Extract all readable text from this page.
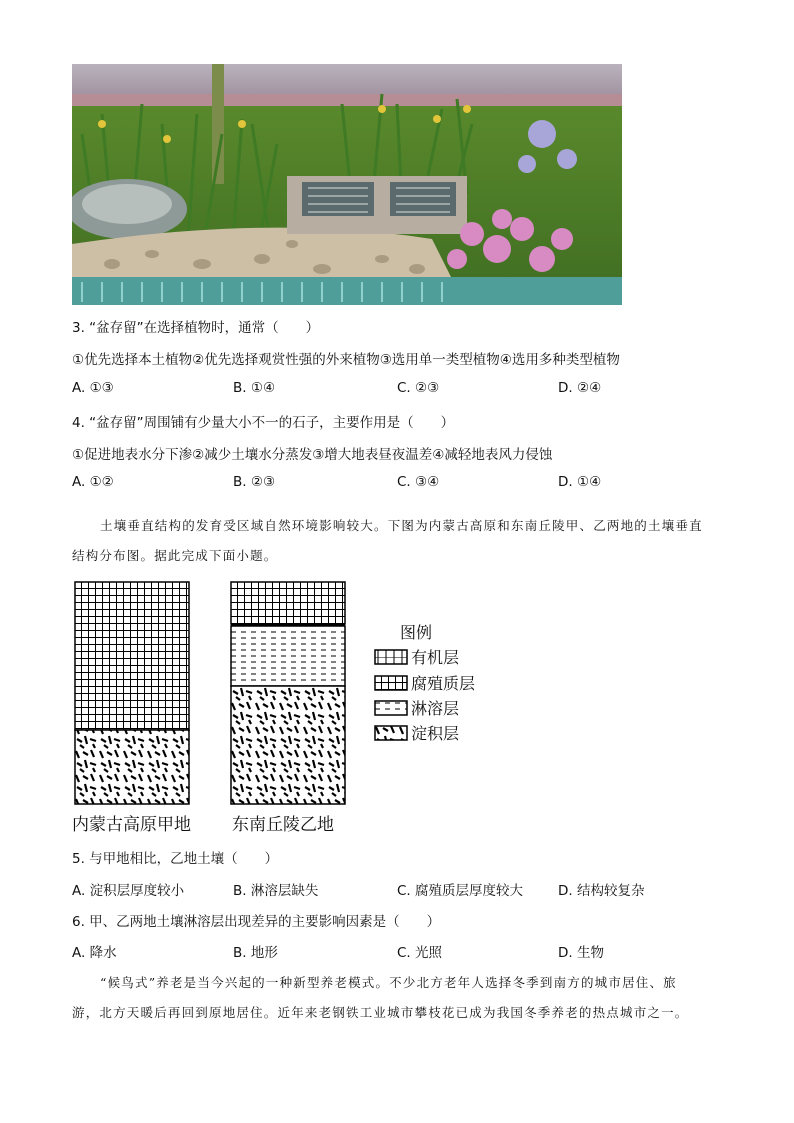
3. “盆存留”在选择植物时，通常（　　）
①优先选择本土植物②优先选择观赏性强的外来植物③选用单一类型植物④选用多种类型植物
A. ①③	B. ①④	C. ②③	D. ②④
4. “盆存留”周围铺有少量大小不一的石子，主要作用是（　　）
①促进地表水分下渗②减少土壤水分蒸发③增大地表昼夜温差④减轻地表风力侵蚀
A. ①②	B. ②③	C. ③④	D. ①④
土壤垂直结构的发育受区域自然环境影响较大。下图为内蒙古高原和东南丘陵甲、乙两地的土壤垂直
结构分布图。据此完成下面小题。
内蒙古高原甲地 东南丘陵乙地
图例
有机层
腐殖质层
淋溶层
淀积层
5. 与甲地相比，乙地土壤（　　）
A. 淀积层厚度较小	B. 淋溶层缺失	C. 腐殖质层厚度较大	D. 结构较复杂
6. 甲、乙两地土壤淋溶层出现差异的主要影响因素是（　　）
A. 降水	B. 地形	C. 光照	D. 生物
“候鸟式”养老是当今兴起的一种新型养老模式。不少北方老年人选择冬季到南方的城市居住、旅
游，北方天暖后再回到原地居住。近年来老钢铁工业城市攀枝花已成为我国冬季养老的热点城市之一。
